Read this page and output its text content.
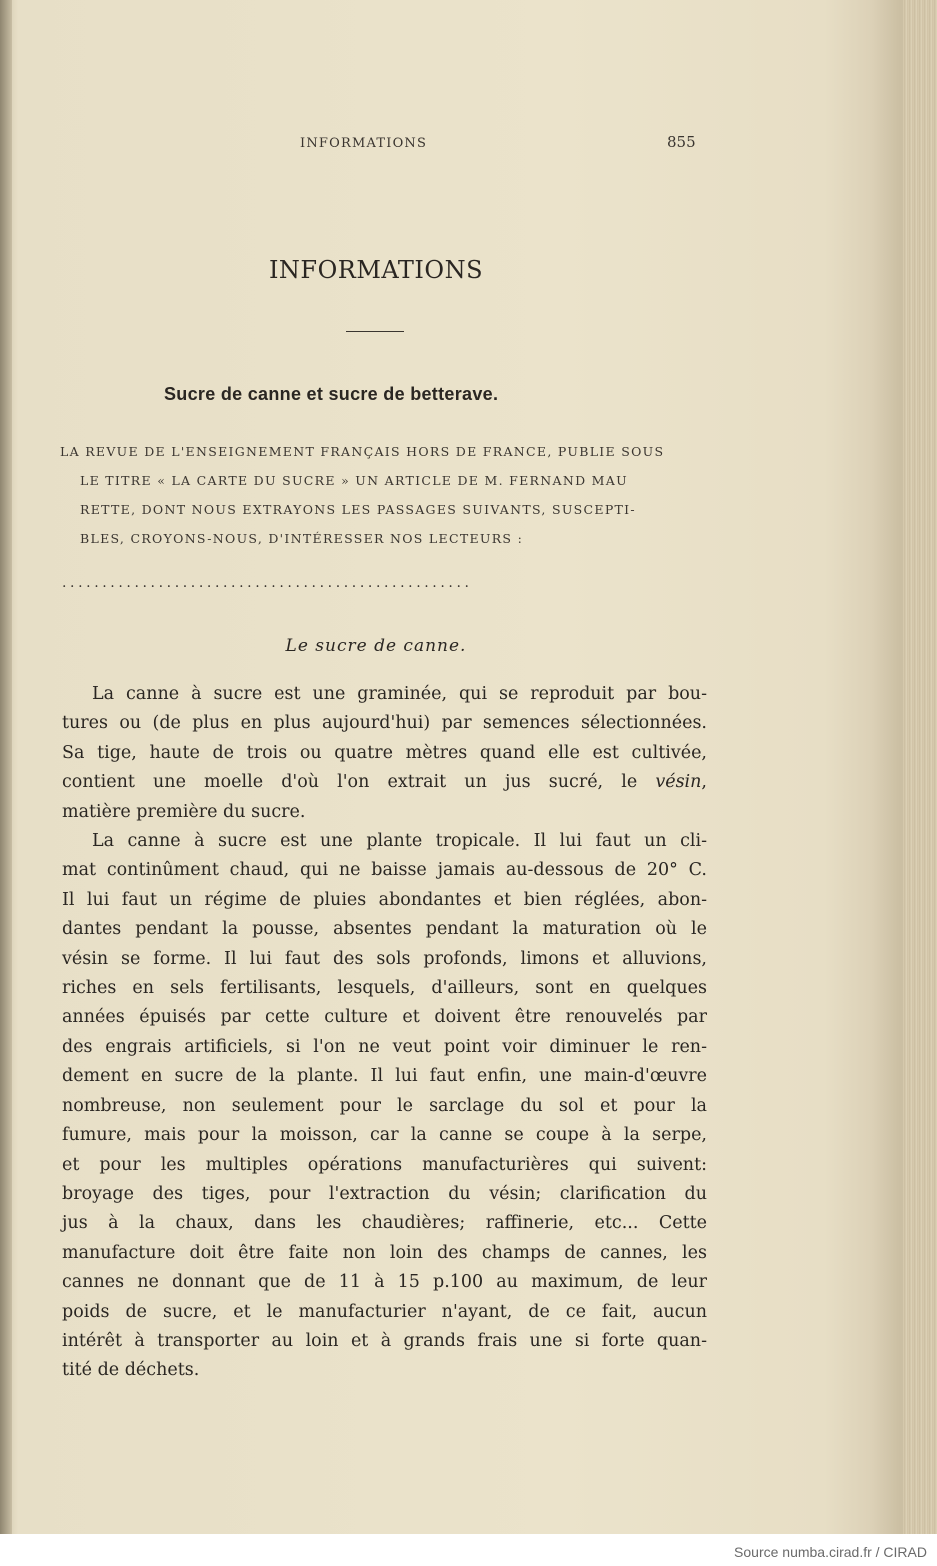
INFORMATIONS	855
INFORMATIONS
Sucre de canne et sucre de betterave.
LA REVUE DE L'ENSEIGNEMENT FRANÇAIS HORS DE FRANCE, PUBLIE SOUS
LE TITRE « LA CARTE DU SUCRE » UN ARTICLE DE M. FERNAND MAU
RETTE, DONT NOUS EXTRAYONS LES PASSAGES SUIVANTS, SUSCEPTI-
BLES, CROYONS-NOUS, D'INTÉRESSER NOS LECTEURS :
...................................................
Le sucre de canne.
La canne à sucre est une graminée, qui se reproduit par bou-
tures ou (de plus en plus aujourd'hui) par semences sélectionnées.
Sa tige, haute de trois ou quatre mètres quand elle est cultivée,
contient une moelle d'où l'on extrait un jus sucré, le vésin,
matière première du sucre.
La canne à sucre est une plante tropicale. Il lui faut un cli-
mat continûment chaud, qui ne baisse jamais au-dessous de 20° C.
Il lui faut un régime de pluies abondantes et bien réglées, abon-
dantes pendant la pousse, absentes pendant la maturation où le
vésin se forme. Il lui faut des sols profonds, limons et alluvions,
riches en sels fertilisants, lesquels, d'ailleurs, sont en quelques
années épuisés par cette culture et doivent être renouvelés par
des engrais artificiels, si l'on ne veut point voir diminuer le ren-
dement en sucre de la plante. Il lui faut enfin, une main-d'œuvre
nombreuse, non seulement pour le sarclage du sol et pour la
fumure, mais pour la moisson, car la canne se coupe à la serpe,
et pour les multiples opérations manufacturières qui suivent:
broyage des tiges, pour l'extraction du vésin; clarification du
jus à la chaux, dans les chaudières; raffinerie, etc... Cette
manufacture doit être faite non loin des champs de cannes, les
cannes ne donnant que de 11 à 15 p.100 au maximum, de leur
poids de sucre, et le manufacturier n'ayant, de ce fait, aucun
intérêt à transporter au loin et à grands frais une si forte quan-
tité de déchets.
Source numba.cirad.fr / CIRAD
